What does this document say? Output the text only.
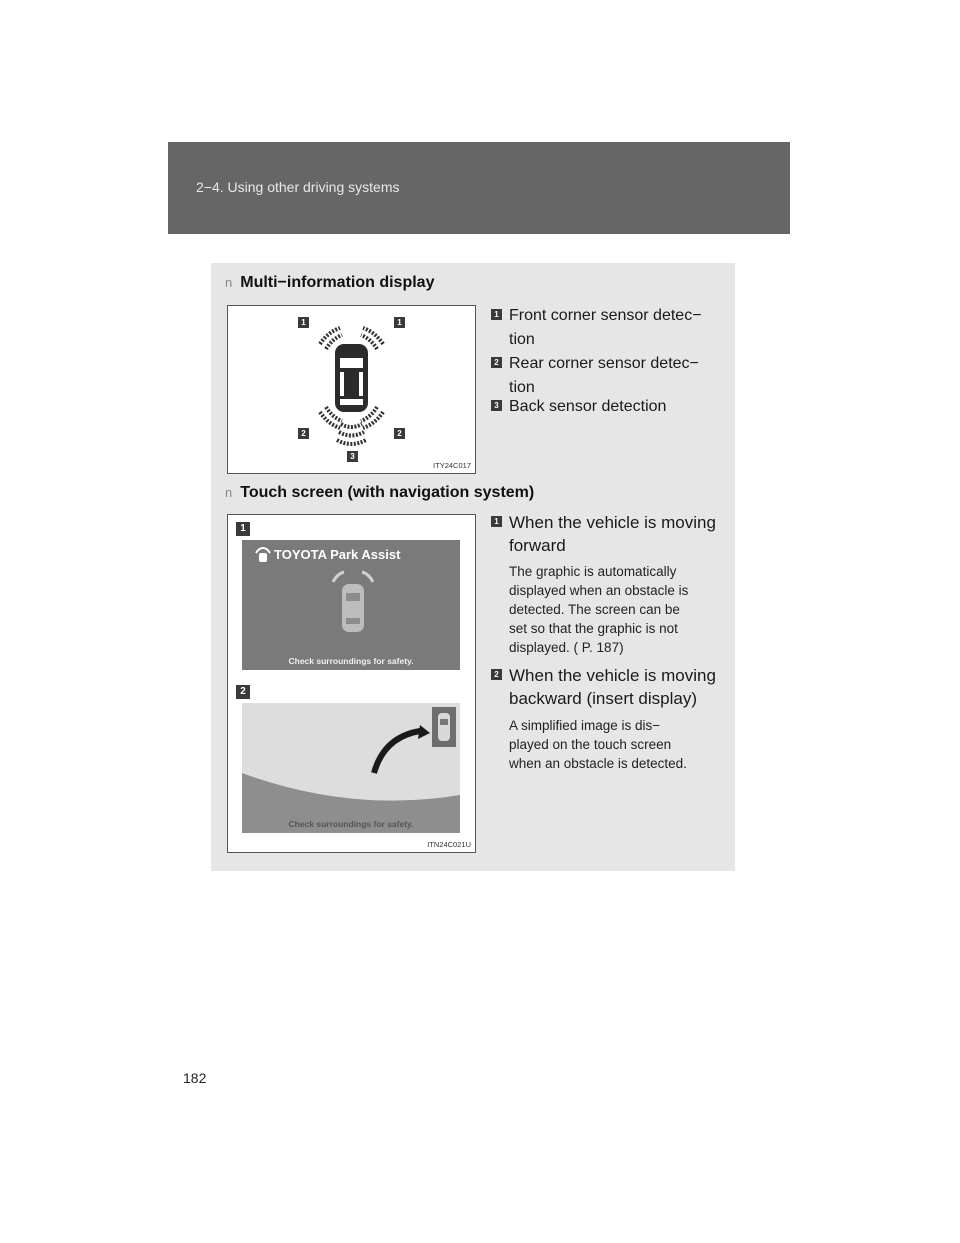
2−4. Using other driving systems
n Multi−information display
1	1
2	2
3
ITY24C017
1 Front corner sensor detec−
tion
2 Rear corner sensor detec−
tion
3 Back sensor detection
n Touch screen (with navigation system)
1
2
ITN24C021U
TOYOTA Park Assist
Check surroundings for safety.
Check surroundings for safety.
1 When the vehicle is moving
forward
The graphic is automatically
displayed when an obstacle is
detected. The screen can be
set so that the graphic is not
displayed. ( P. 187)
2 When the vehicle is moving
backward (insert display)
A simplified image is dis−
played on the touch screen
when an obstacle is detected.
182
